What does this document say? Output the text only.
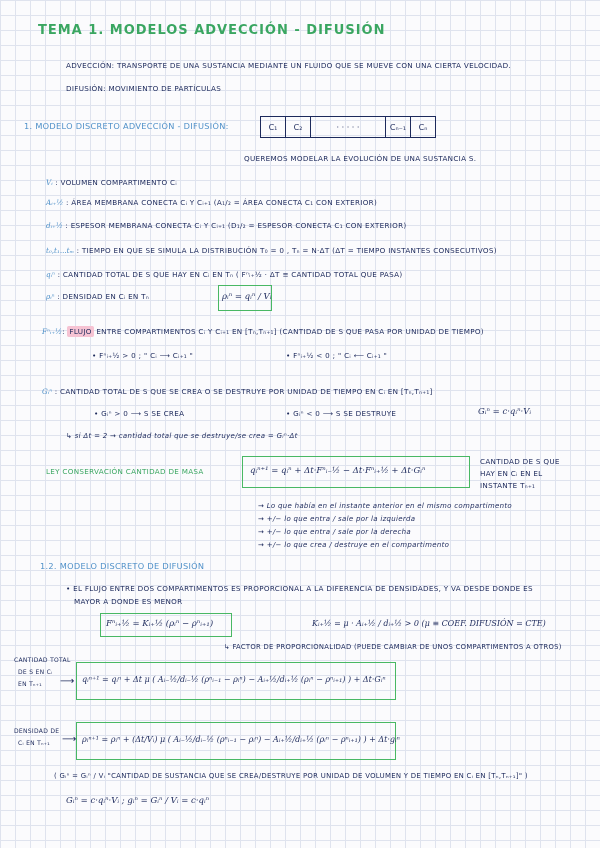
TEMA 1. MODELOS ADVECCIÓN - DIFUSIÓN
ADVECCIÓN: TRANSPORTE DE UNA SUSTANCIA MEDIANTE UN FLUIDO QUE SE MUEVE CON UNA CIERTA VELOCIDAD.
DIFUSIÓN: MOVIMIENTO DE PARTÍCULAS
1. MODELO DISCRETO ADVECCIÓN - DIFUSIÓN:	C₁	C₂	· · · · ·	Cₙ₋₁	Cₙ
QUEREMOS MODELAR LA EVOLUCIÓN DE UNA SUSTANCIA S.
Vᵢ : VOLUMEN COMPARTIMENTO Cᵢ
Aᵢ₊½ : ÁREA MEMBRANA CONECTA Cᵢ Y Cᵢ₊₁ (A₁/₂ = ÁREA CONECTA C₁ CON EXTERIOR)
dᵢ₊½ : ESPESOR MEMBRANA CONECTA Cᵢ Y Cᵢ₊₁ (D₁/₂ = ESPESOR CONECTA C₁ CON EXTERIOR)
t₀,t₁...tₘ : TIEMPO EN QUE SE SIMULA LA DISTRIBUCIÓN T₀ = 0 , Tₙ = N·ΔT (ΔT = TIEMPO INSTANTES CONSECUTIVOS)
qᵢⁿ : CANTIDAD TOTAL DE S QUE HAY EN Cᵢ EN Tₙ ( Fⁿᵢ₊½ · ΔT ≡ CANTIDAD TOTAL QUE PASA)
ρᵢⁿ : DENSIDAD EN Cᵢ EN Tₙ	ρᵢⁿ = qᵢⁿ / Vᵢ
Fⁿᵢ₊½: FLUJO ENTRE COMPARTIMENTOS Cᵢ Y Cᵢ₊₁ EN [Tₙ,Tₙ₊₁] (CANTIDAD DE S QUE PASA POR UNIDAD DE TIEMPO)
• Fⁿᵢ₊½ > 0 ; " Cᵢ ⟶ Cᵢ₊₁ "	• Fⁿᵢ₊½ < 0 ; " Cᵢ ⟵ Cᵢ₊₁ "
Gᵢⁿ : CANTIDAD TOTAL DE S QUE SE CREA O SE DESTRUYE POR UNIDAD DE TIEMPO EN Cᵢ EN [Tₙ,Tₙ₊₁]
• Gᵢⁿ > 0 ⟶ S SE CREA	• Gᵢⁿ < 0 ⟶ S SE DESTRUYE	Gᵢⁿ = c·qᵢⁿ·Vᵢ
↳ si Δt = 2 → cantidad total que se destruye/se crea = Gᵢⁿ·Δt
LEY CONSERVACIÓN CANTIDAD DE MASA	qᵢⁿ⁺¹ = qᵢⁿ + Δt·Fⁿᵢ₋½ − Δt·Fⁿᵢ₊½ + Δt·Gᵢⁿ
CANTIDAD DE S QUE
HAY EN Cᵢ EN EL
INSTANTE Tₙ₊₁
→ Lo que había en el instante anterior en el mismo compartimento
→ +/− lo que entra / sale por la izquierda
→ +/− lo que entra / sale por la derecha
→ +/− lo que crea / destruye en el compartimento
1.2. MODELO DISCRETO DE DIFUSIÓN
• EL FLUJO ENTRE DOS COMPARTIMENTOS ES PROPORCIONAL A LA DIFERENCIA DE DENSIDADES, Y VA DESDE DONDE ES
MAYOR A DONDE ES MENOR
Fⁿᵢ₊½ = Kᵢ₊½ (ρᵢⁿ − ρⁿᵢ₊₁)	Kᵢ₊½ = μ · Aᵢ₊½ / dᵢ₊½ > 0 (μ ≡ COEF. DIFUSIÓN = CTE)
↳ FACTOR DE PROPORCIONALIDAD (PUEDE CAMBIAR DE UNOS COMPARTIMENTOS A OTROS)
CANTIDAD TOTAL
DE S EN Cᵢ
EN Tₙ₊₁ ⟶ qᵢⁿ⁺¹ = qᵢⁿ + Δt μ ( Aᵢ₋½/dᵢ₋½ (ρⁿᵢ₋₁ − ρᵢⁿ) − Aᵢ₊½/dᵢ₊½ (ρᵢⁿ − ρⁿᵢ₊₁) ) + Δt·Gᵢⁿ
DENSIDAD DE
Cᵢ EN Tₙ₊₁ ⟶ ρᵢⁿ⁺¹ = ρᵢⁿ + (Δt/Vᵢ) μ ( Aᵢ₋½/dᵢ₋½ (ρⁿᵢ₋₁ − ρᵢⁿ) − Aᵢ₊½/dᵢ₊½ (ρᵢⁿ − ρⁿᵢ₊₁) ) + Δt·gᵢⁿ
( Gᵢⁿ = Gᵢⁿ / Vᵢ "CANTIDAD DE SUSTANCIA QUE SE CREA/DESTRUYE POR UNIDAD DE VOLUMEN Y DE TIEMPO EN Cᵢ EN [Tₙ,Tₙ₊₁]" )
Gᵢⁿ = c·qᵢⁿ·Vᵢ ; gᵢⁿ = Gᵢⁿ / Vᵢ = c·qᵢⁿ
